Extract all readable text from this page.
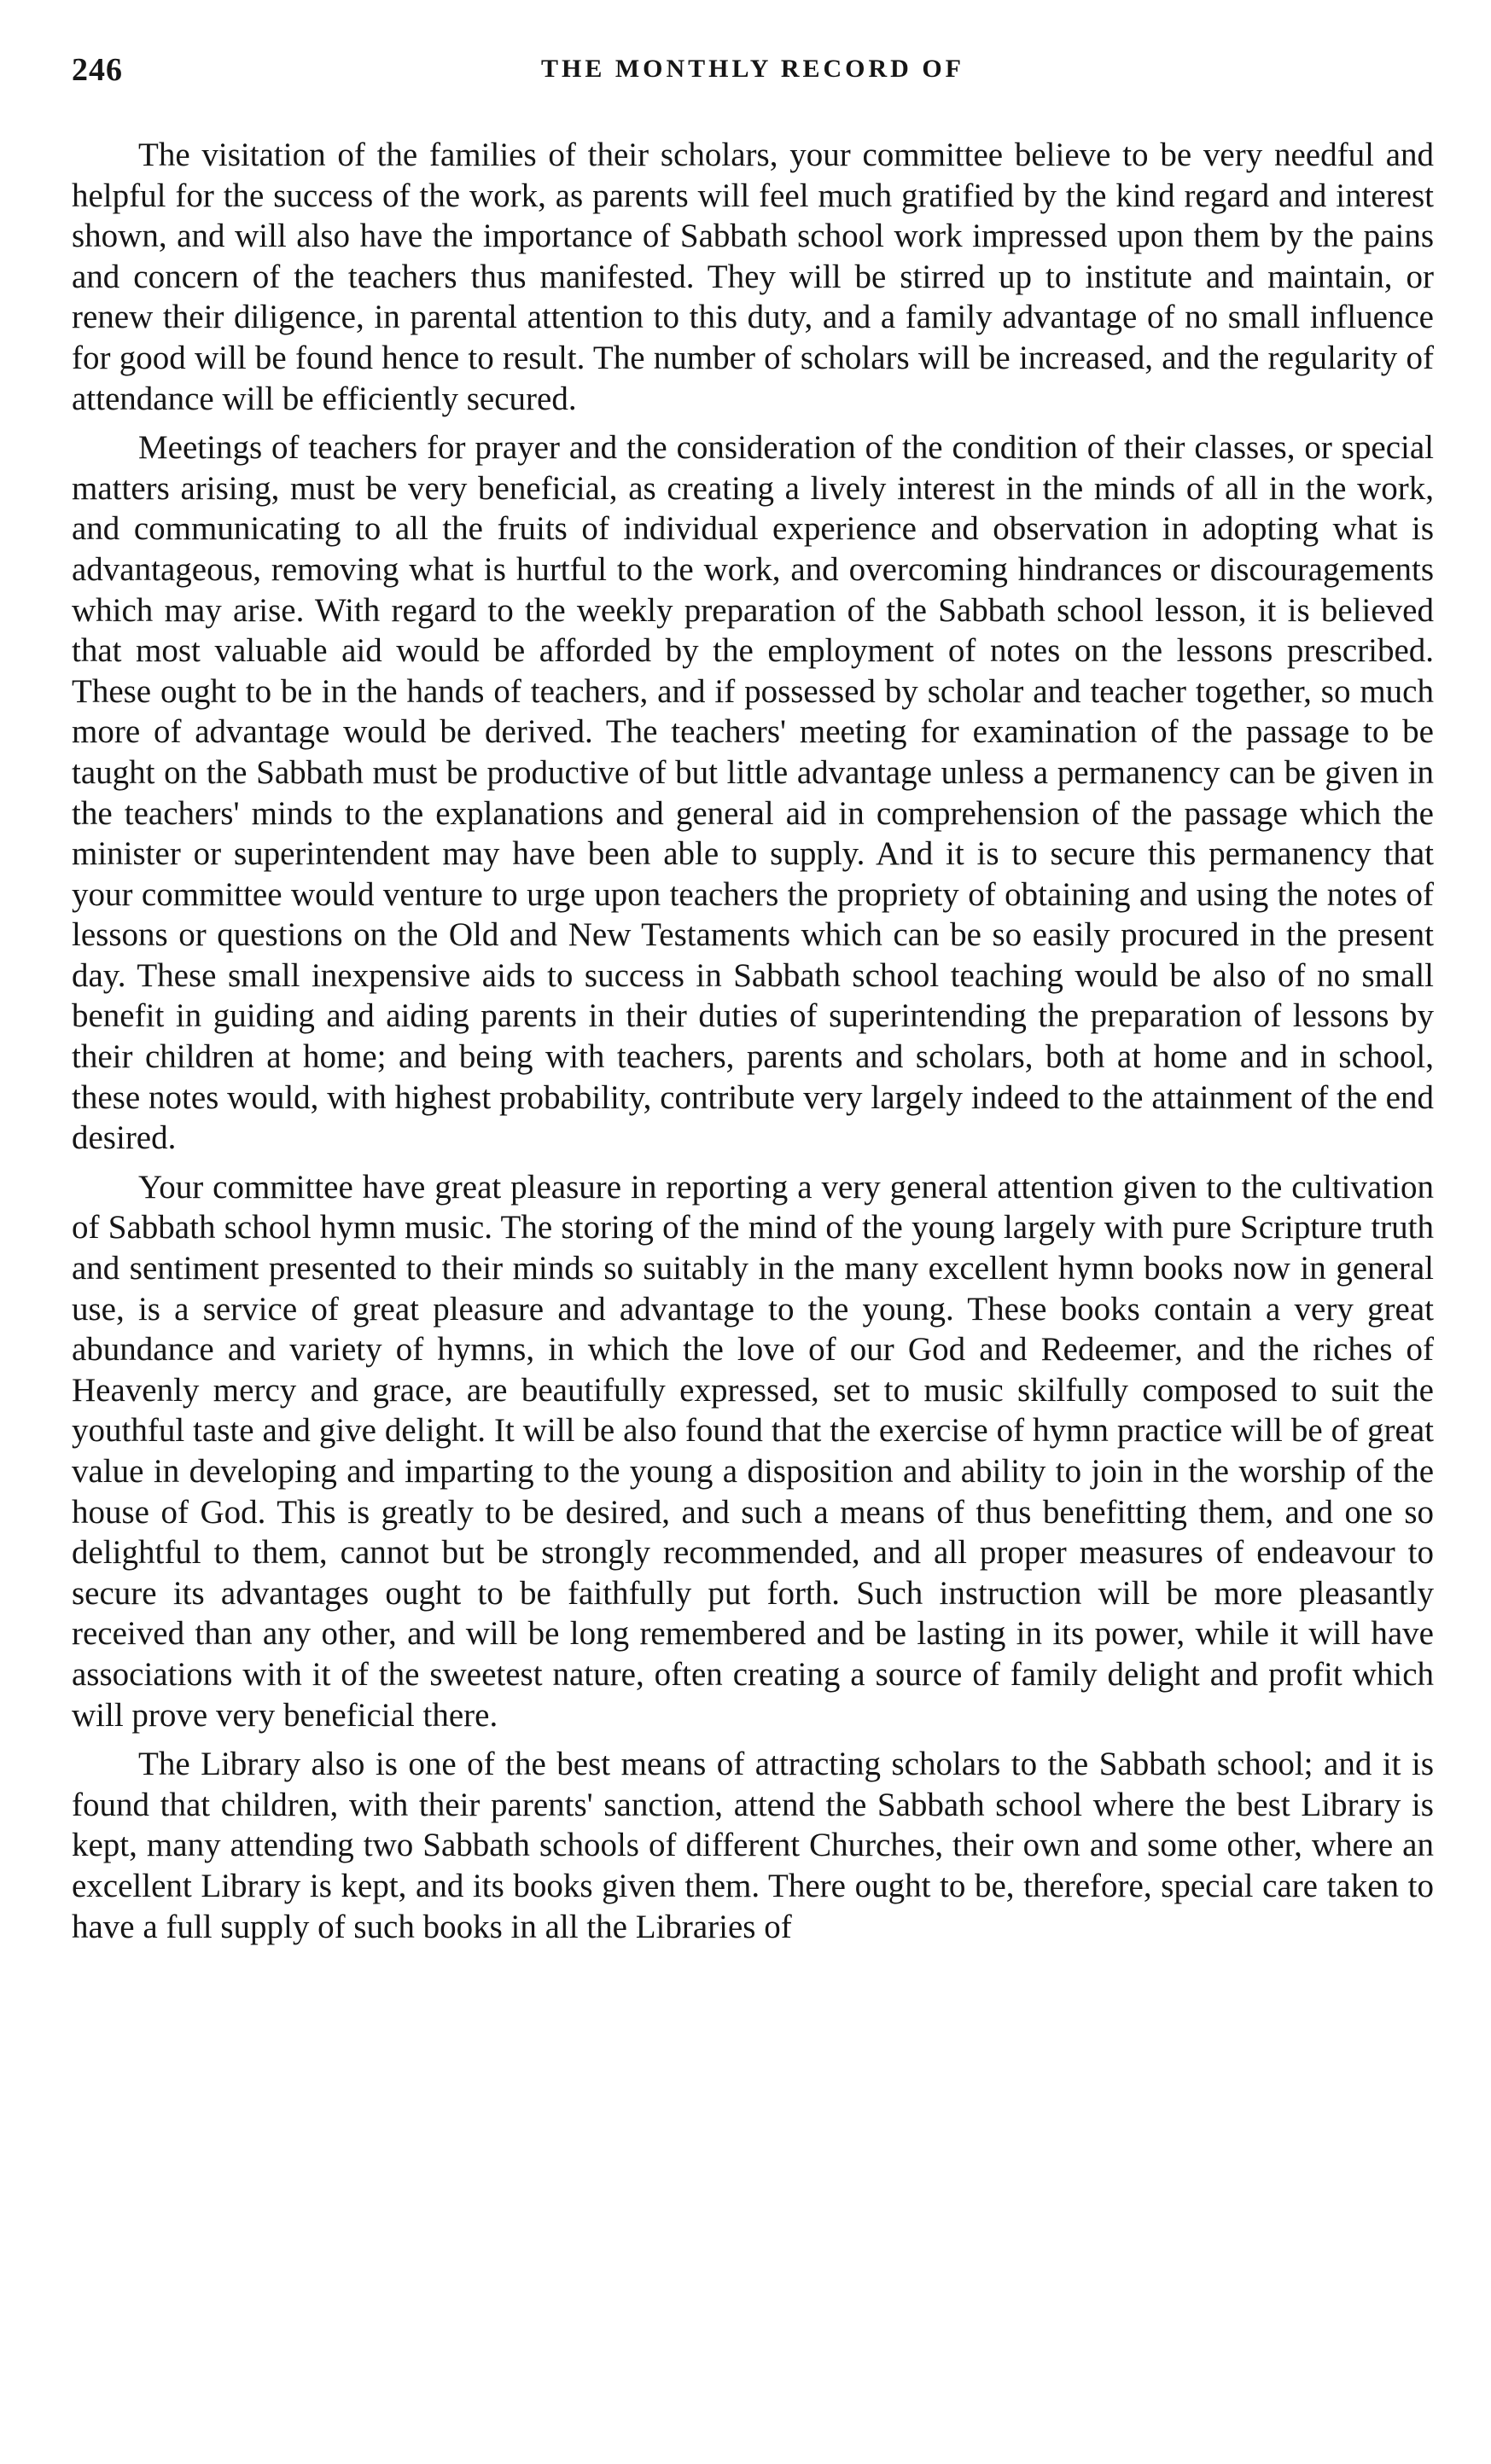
246	THE MONTHLY RECORD OF

The visitation of the families of their scholars, your committee believe to be very needful and helpful for the success of the work, as parents will feel much gratified by the kind regard and interest shown, and will also have the importance of Sabbath school work impressed upon them by the pains and concern of the teachers thus manifested. They will be stirred up to institute and maintain, or renew their diligence, in parental attention to this duty, and a family advantage of no small influence for good will be found hence to result. The number of scholars will be increased, and the regularity of attendance will be efficiently secured.

Meetings of teachers for prayer and the consideration of the condition of their classes, or special matters arising, must be very beneficial, as creating a lively interest in the minds of all in the work, and communicating to all the fruits of individual experience and observation in adopting what is advantageous, removing what is hurtful to the work, and overcoming hindrances or discouragements which may arise. With regard to the weekly preparation of the Sabbath school lesson, it is believed that most valuable aid would be afforded by the employment of notes on the lessons prescribed. These ought to be in the hands of teachers, and if possessed by scholar and teacher together, so much more of advantage would be derived. The teachers' meeting for examination of the passage to be taught on the Sabbath must be productive of but little advantage unless a permanency can be given in the teachers' minds to the explanations and general aid in comprehension of the passage which the minister or superintendent may have been able to supply. And it is to secure this permanency that your committee would venture to urge upon teachers the propriety of obtaining and using the notes of lessons or questions on the Old and New Testaments which can be so easily procured in the present day. These small inexpensive aids to success in Sabbath school teaching would be also of no small benefit in guiding and aiding parents in their duties of superintending the preparation of lessons by their children at home; and being with teachers, parents and scholars, both at home and in school, these notes would, with highest probability, contribute very largely indeed to the attainment of the end desired.

Your committee have great pleasure in reporting a very general attention given to the cultivation of Sabbath school hymn music. The storing of the mind of the young largely with pure Scripture truth and sentiment presented to their minds so suitably in the many excellent hymn books now in general use, is a service of great pleasure and advantage to the young. These books contain a very great abundance and variety of hymns, in which the love of our God and Redeemer, and the riches of Heavenly mercy and grace, are beautifully expressed, set to music skilfully composed to suit the youthful taste and give delight. It will be also found that the exercise of hymn practice will be of great value in developing and imparting to the young a disposition and ability to join in the worship of the house of God. This is greatly to be desired, and such a means of thus benefitting them, and one so delightful to them, cannot but be strongly recommended, and all proper measures of endeavour to secure its advantages ought to be faithfully put forth. Such instruction will be more pleasantly received than any other, and will be long remembered and be lasting in its power, while it will have associations with it of the sweetest nature, often creating a source of family delight and profit which will prove very beneficial there.

The Library also is one of the best means of attracting scholars to the Sabbath school; and it is found that children, with their parents' sanction, attend the Sabbath school where the best Library is kept, many attending two Sabbath schools of different Churches, their own and some other, where an excellent Library is kept, and its books given them. There ought to be, therefore, special care taken to have a full supply of such books in all the Libraries of
